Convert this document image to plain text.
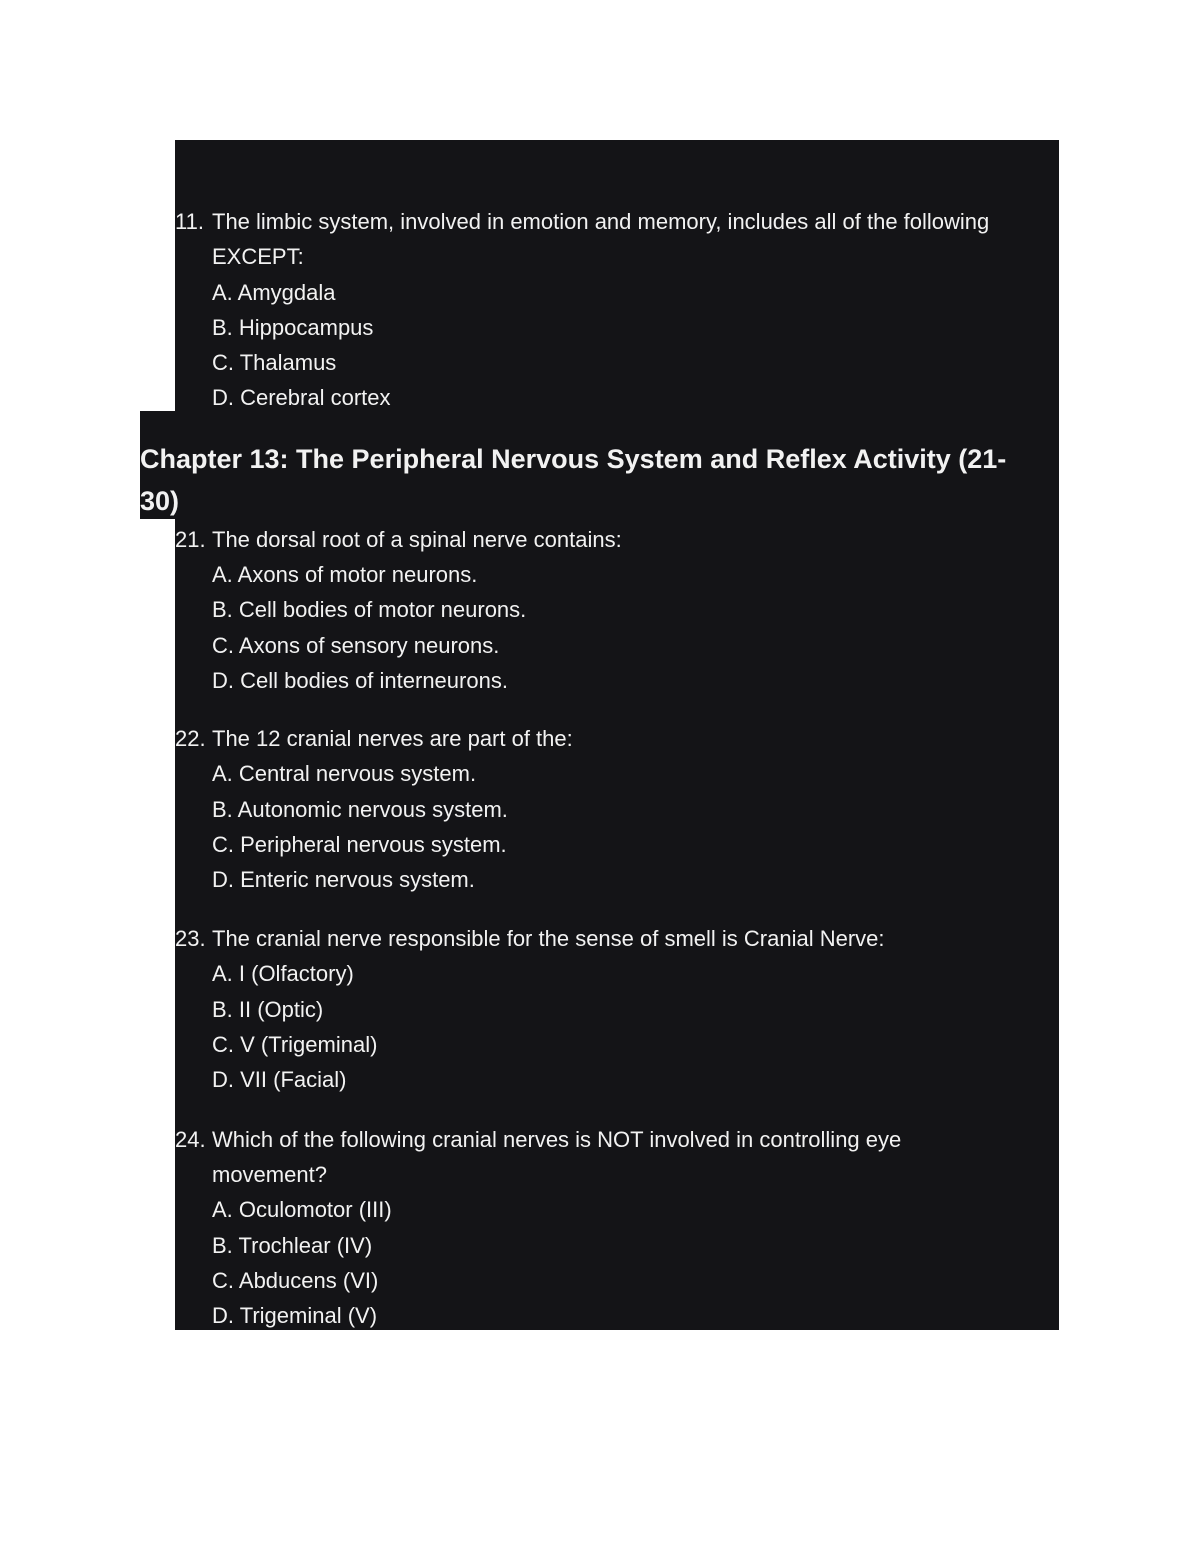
11. The limbic system, involved in emotion and memory, includes all of the following
EXCEPT:
A. Amygdala
B. Hippocampus
C. Thalamus
D. Cerebral cortex
Chapter 13: The Peripheral Nervous System and Reflex Activity (21-
30)
21. The dorsal root of a spinal nerve contains:
A. Axons of motor neurons.
B. Cell bodies of motor neurons.
C. Axons of sensory neurons.
D. Cell bodies of interneurons.
22. The 12 cranial nerves are part of the:
A. Central nervous system.
B. Autonomic nervous system.
C. Peripheral nervous system.
D. Enteric nervous system.
23. The cranial nerve responsible for the sense of smell is Cranial Nerve:
A. I (Olfactory)
B. II (Optic)
C. V (Trigeminal)
D. VII (Facial)
24. Which of the following cranial nerves is NOT involved in controlling eye
movement?
A. Oculomotor (III)
B. Trochlear (IV)
C. Abducens (VI)
D. Trigeminal (V)
